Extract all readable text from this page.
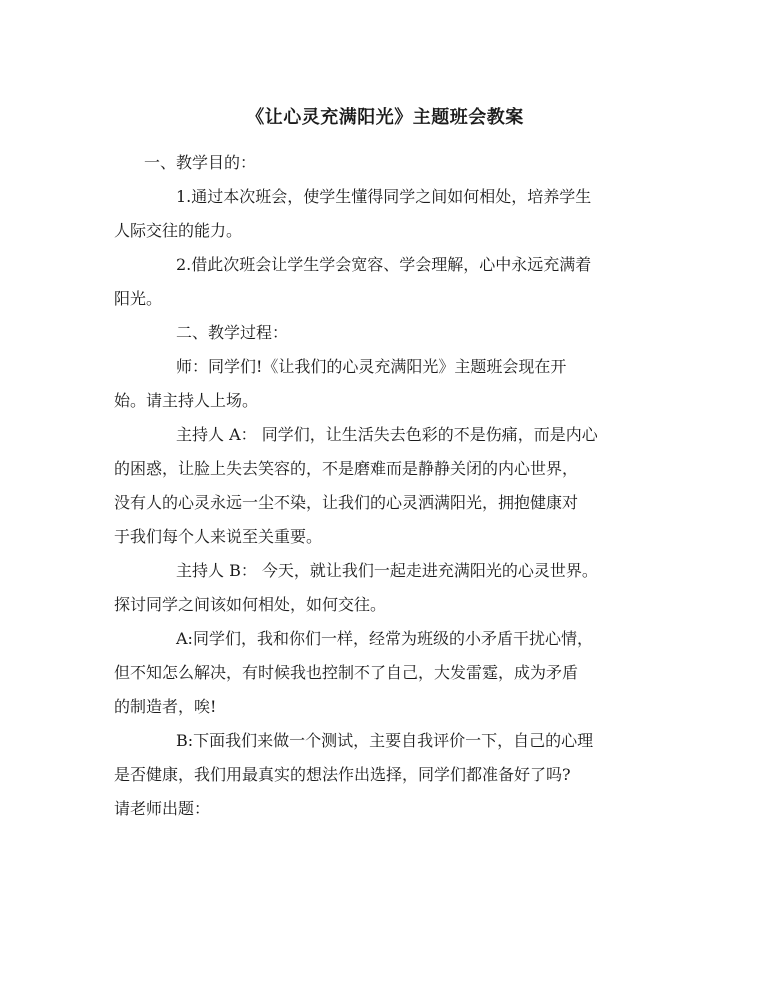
《让心灵充满阳光》主题班会教案

一、教学目的：

1.通过本次班会，使学生懂得同学之间如何相处，培养学生
人际交往的能力。

2.借此次班会让学生学会宽容、学会理解，心中永远充满着
阳光。

二、教学过程：

师：同学们!《让我们的心灵充满阳光》主题班会现在开
始。请主持人上场。

主持人 A： 同学们，让生活失去色彩的不是伤痛，而是内心
的困惑，让脸上失去笑容的，不是磨难而是静静关闭的内心世界，
没有人的心灵永远一尘不染，让我们的心灵洒满阳光，拥抱健康对
于我们每个人来说至关重要。

主持人 B： 今天，就让我们一起走进充满阳光的心灵世界。
探讨同学之间该如何相处，如何交往。

A:同学们，我和你们一样，经常为班级的小矛盾干扰心情，
但不知怎么解决，有时候我也控制不了自己，大发雷霆，成为矛盾
的制造者，唉!

B:下面我们来做一个测试，主要自我评价一下，自己的心理
是否健康，我们用最真实的想法作出选择，同学们都准备好了吗?
请老师出题：
